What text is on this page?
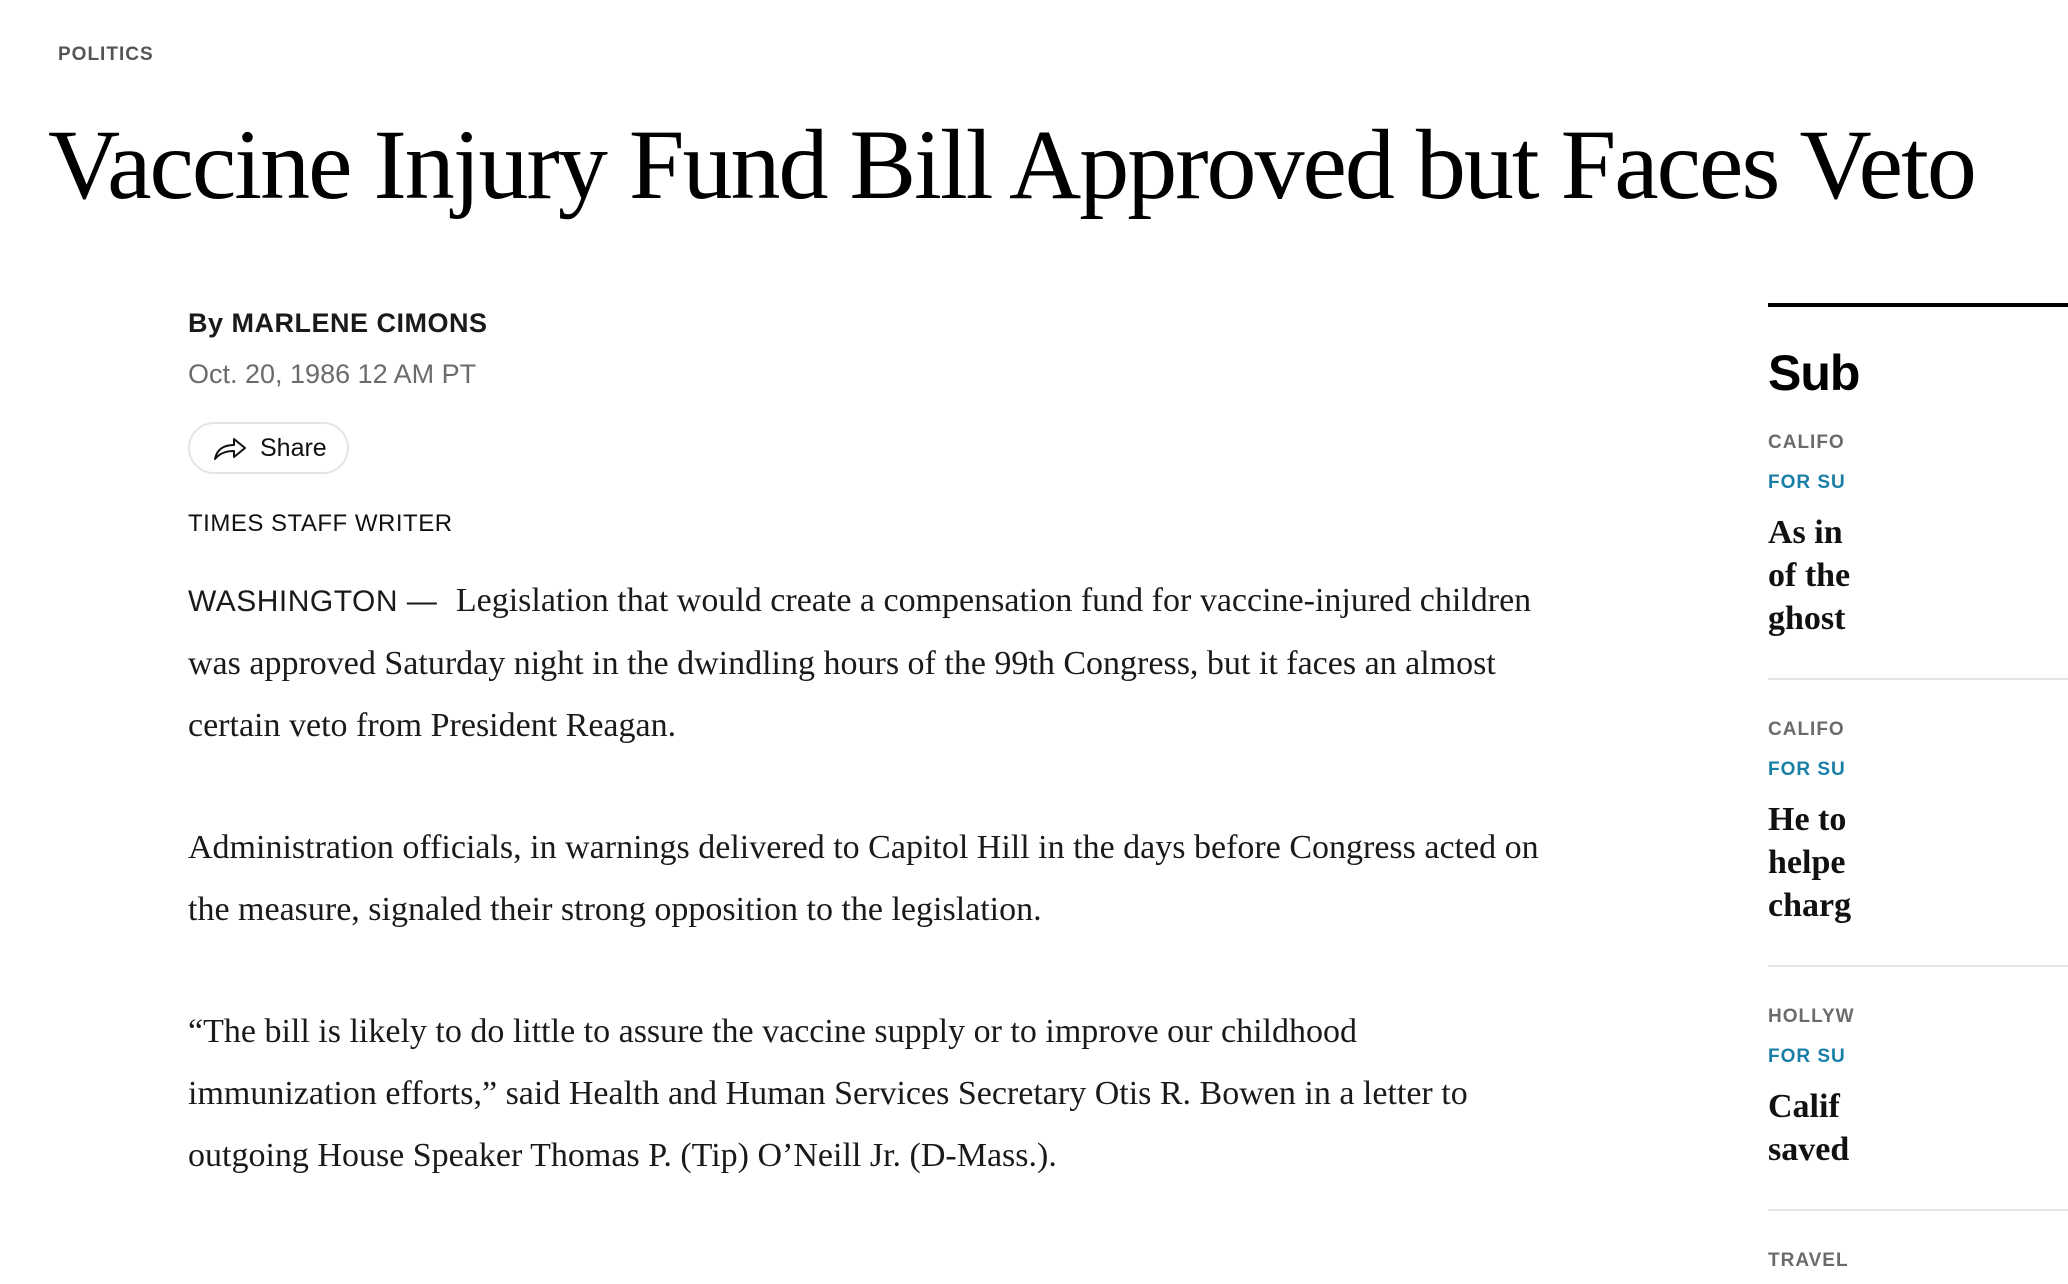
POLITICS
Vaccine Injury Fund Bill Approved but Faces Veto
By MARLENE CIMONS
Oct. 20, 1986 12 AM PT
Share
TIMES STAFF WRITER

WASHINGTON — Legislation that would create a compensation fund for vaccine-injured children was approved Saturday night in the dwindling hours of the 99th Congress, but it faces an almost certain veto from President Reagan.

Administration officials, in warnings delivered to Capitol Hill in the days before Congress acted on the measure, signaled their strong opposition to the legislation.

“The bill is likely to do little to assure the vaccine supply or to improve our childhood immunization efforts,” said Health and Human Services Secretary Otis R. Bowen in a letter to outgoing House Speaker Thomas P. (Tip) O’Neill Jr. (D-Mass.).

Sub
CALIFO
FOR SU
As in
of the
ghost
CALIFO
FOR SU
He to
helpe
charg
HOLLYW
FOR SU
Calif
saved
TRAVEL
